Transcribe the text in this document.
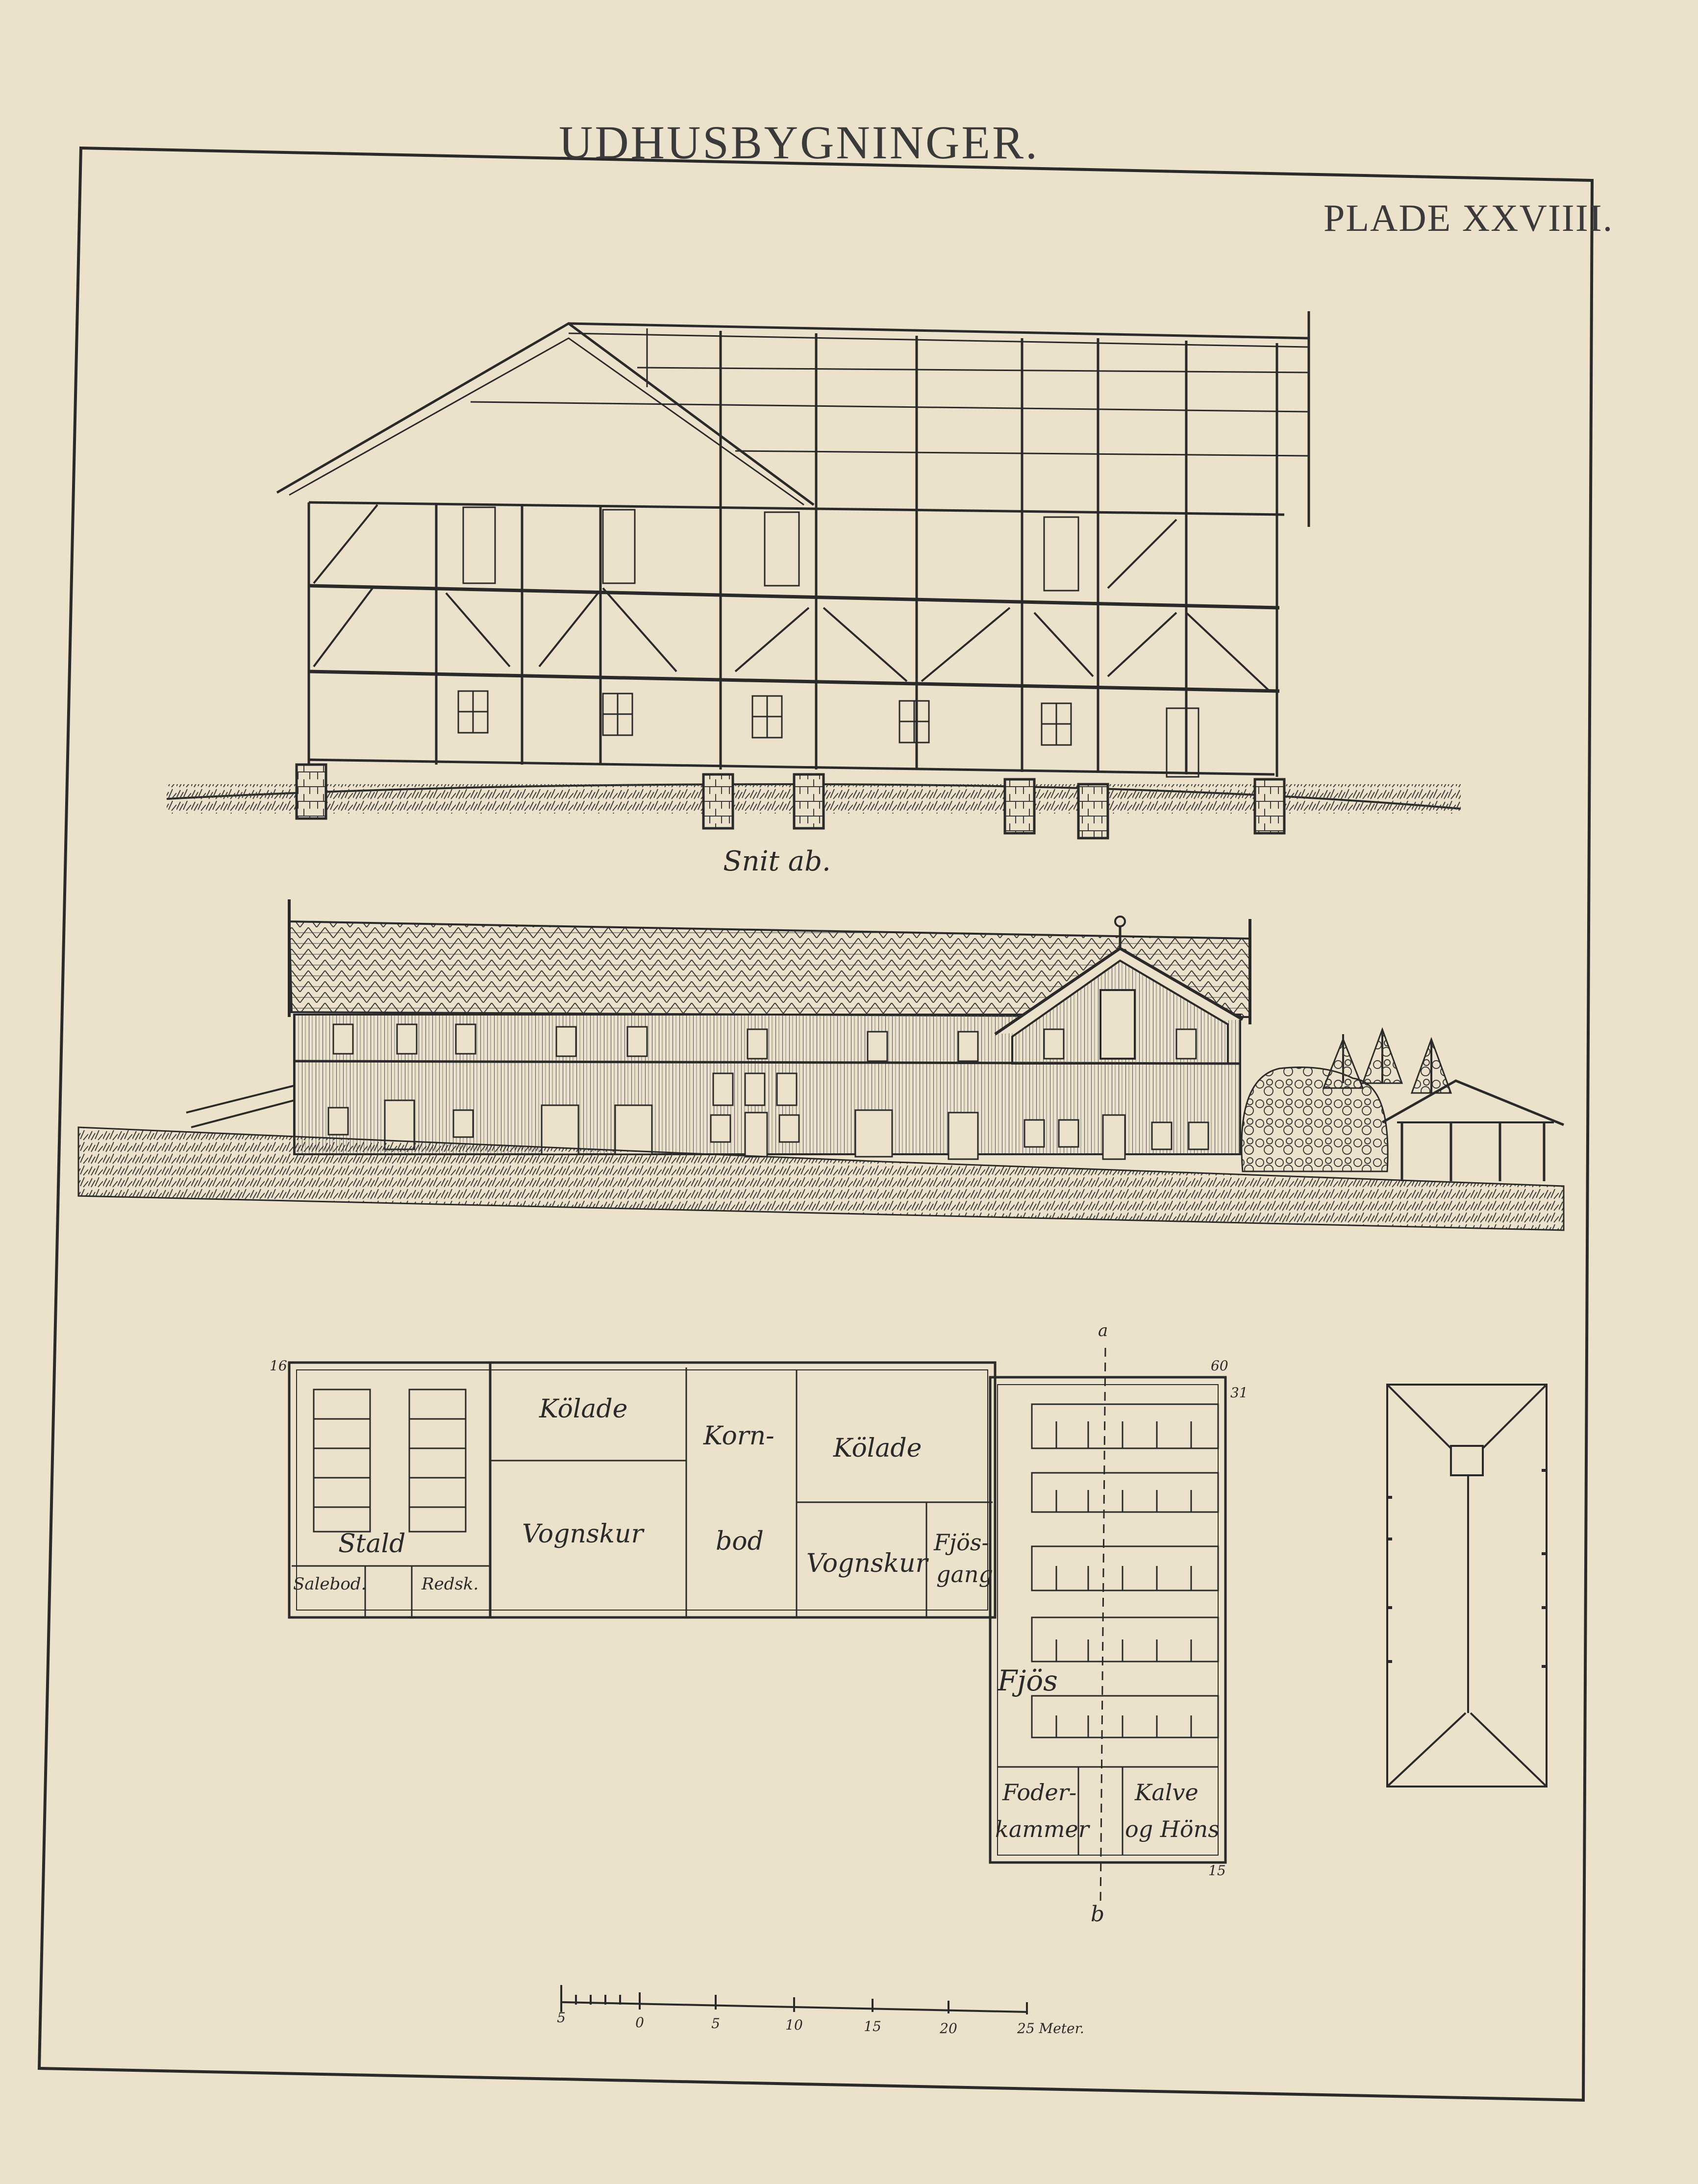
UDHUSBYGNINGER.
PLADE XXVIIII.
Snit ab.
a
b
16	60
31
15
Stald
Salebod.	Redsk.
Kölade
Vognskur
Korn-
bod
Kölade
Vognskur
Fjös-
gang
Fjös
Foder-
kammer
Kalve
og Höns
5	0	5	10	15	20	25 Meter.
